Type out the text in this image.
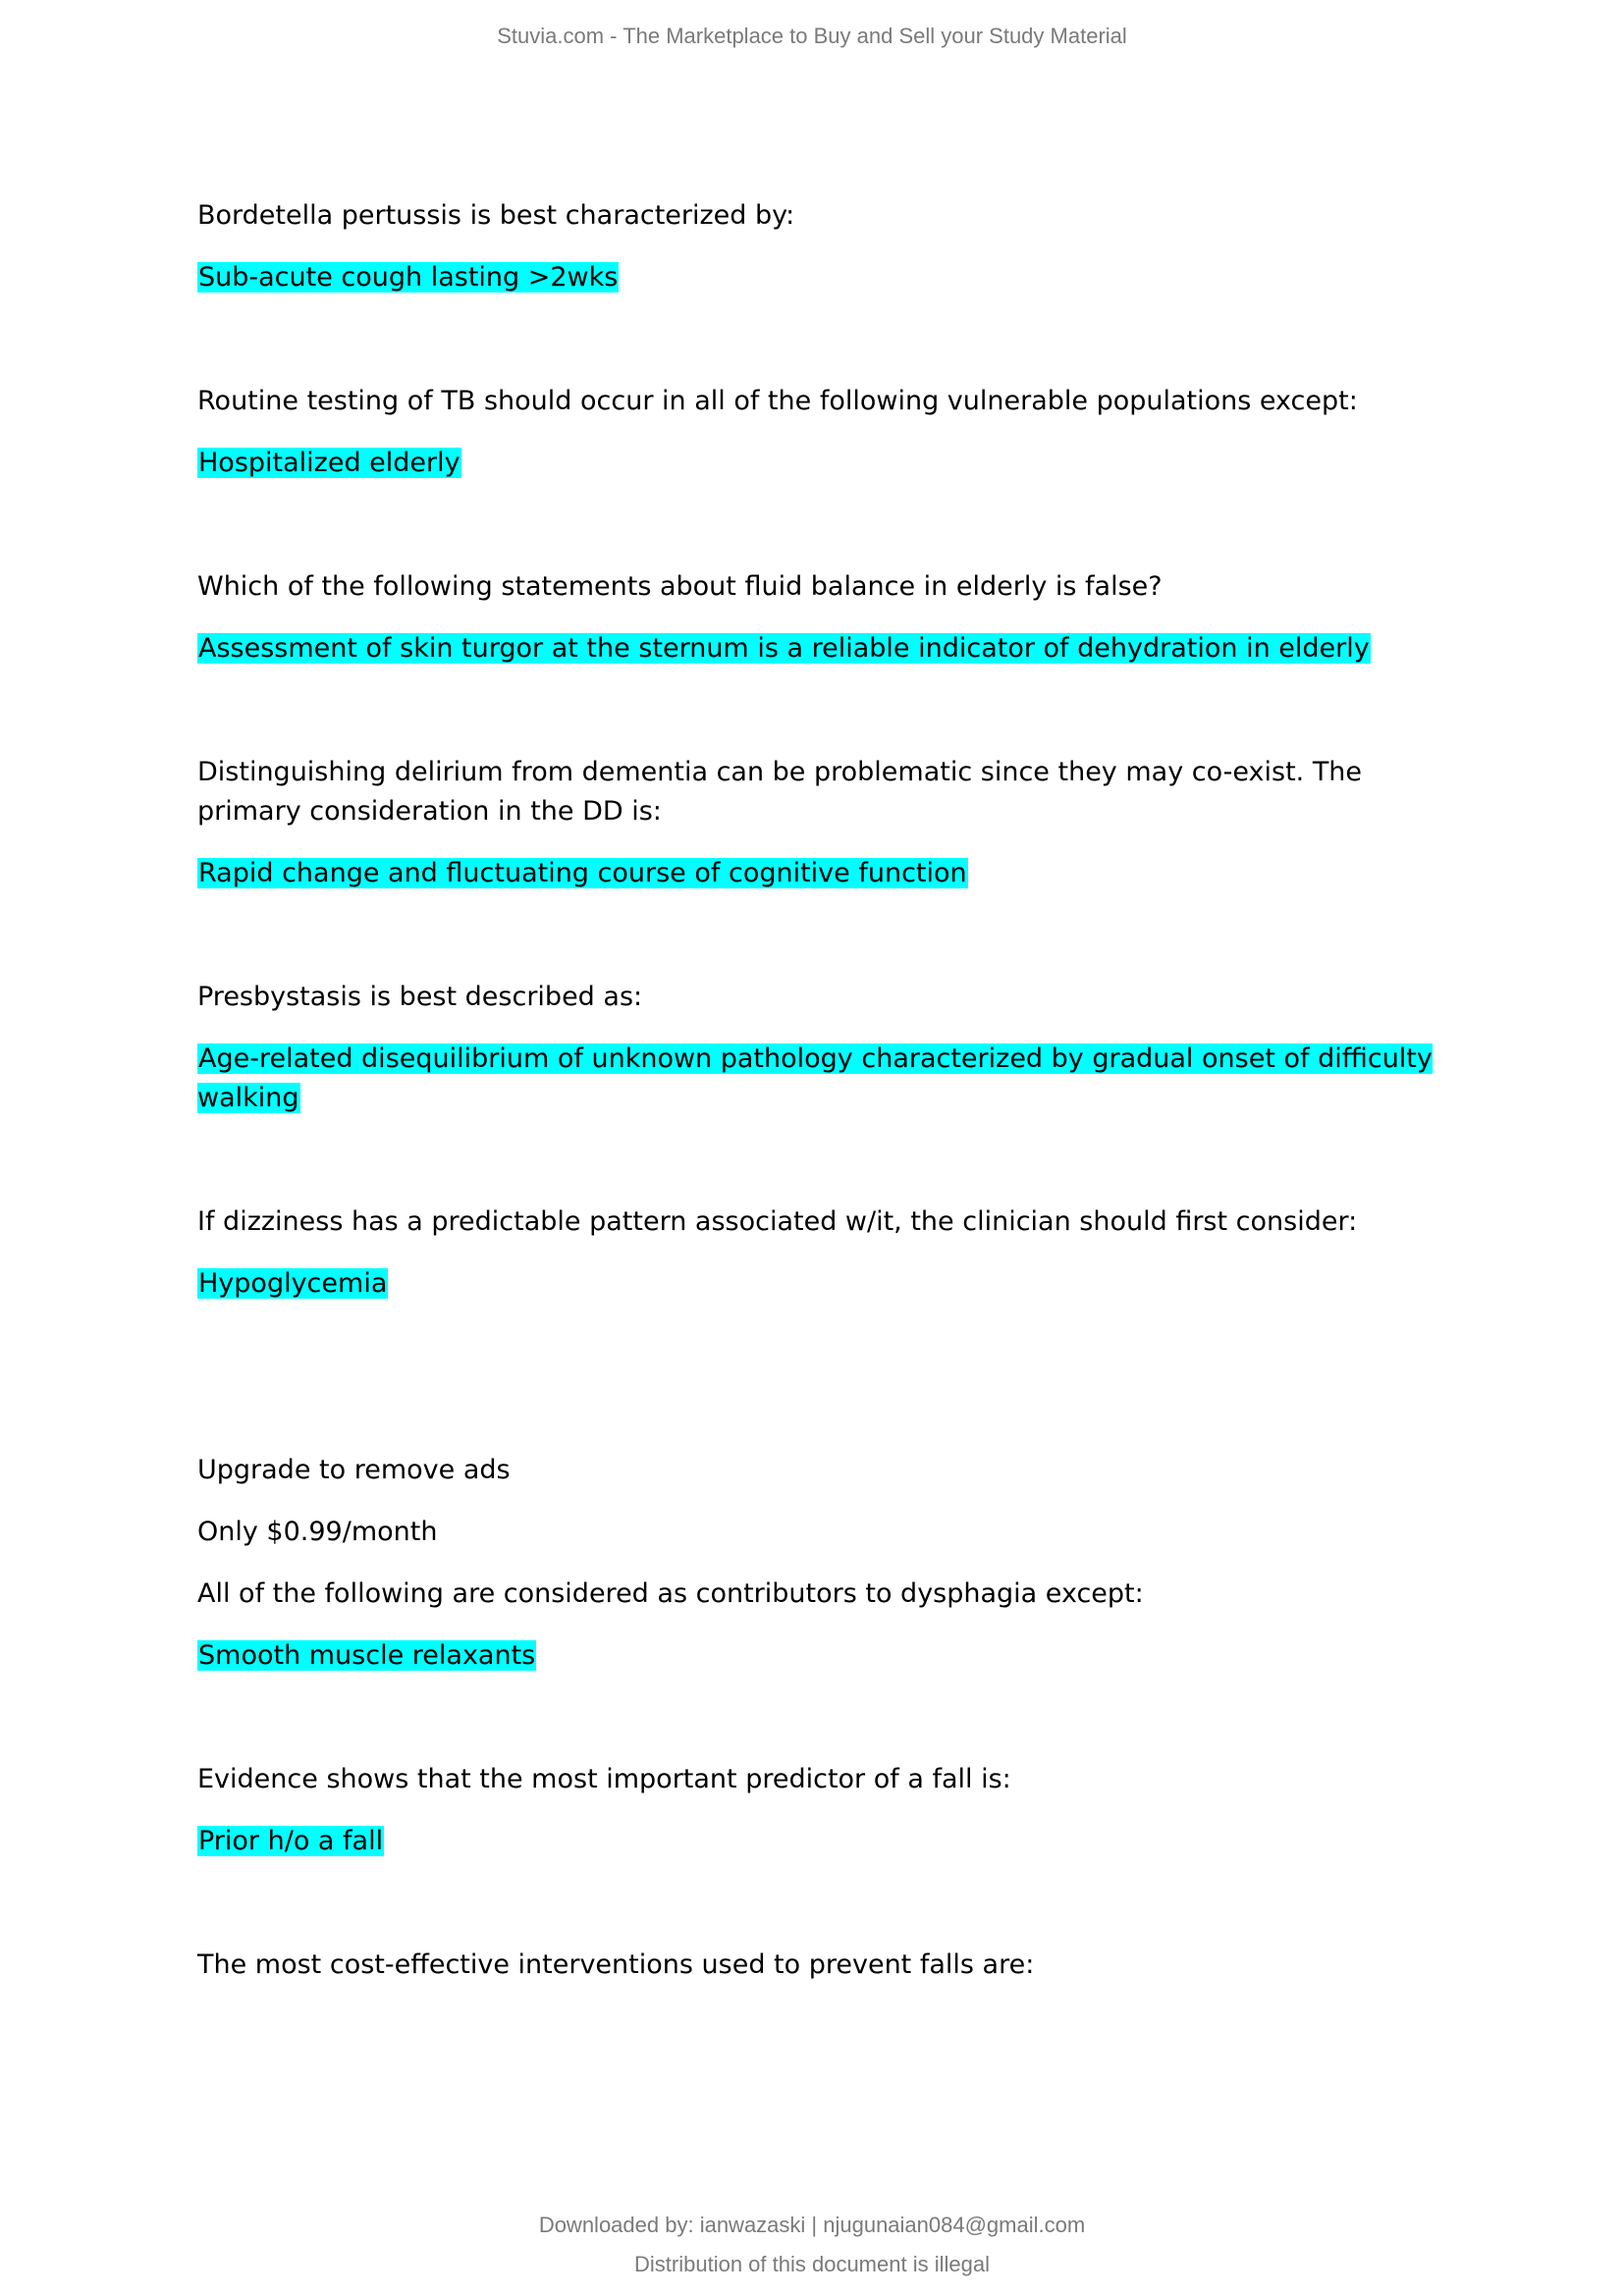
Stuvia.com - The Marketplace to Buy and Sell your Study Material
Bordetella pertussis is best characterized by:
Sub-acute cough lasting >2wks
Routine testing of TB should occur in all of the following vulnerable populations except:
Hospitalized elderly
Which of the following statements about fluid balance in elderly is false?
Assessment of skin turgor at the sternum is a reliable indicator of dehydration in elderly
Distinguishing delirium from dementia can be problematic since they may co-exist. The primary consideration in the DD is:
Rapid change and fluctuating course of cognitive function
Presbystasis is best described as:
Age-related disequilibrium of unknown pathology characterized by gradual onset of difficulty walking
If dizziness has a predictable pattern associated w/it, the clinician should first consider:
Hypoglycemia
Upgrade to remove ads
Only $0.99/month
All of the following are considered as contributors to dysphagia except:
Smooth muscle relaxants
Evidence shows that the most important predictor of a fall is:
Prior h/o a fall
The most cost-effective interventions used to prevent falls are:
Downloaded by: ianwazaski | njugunaian084@gmail.com
Distribution of this document is illegal
